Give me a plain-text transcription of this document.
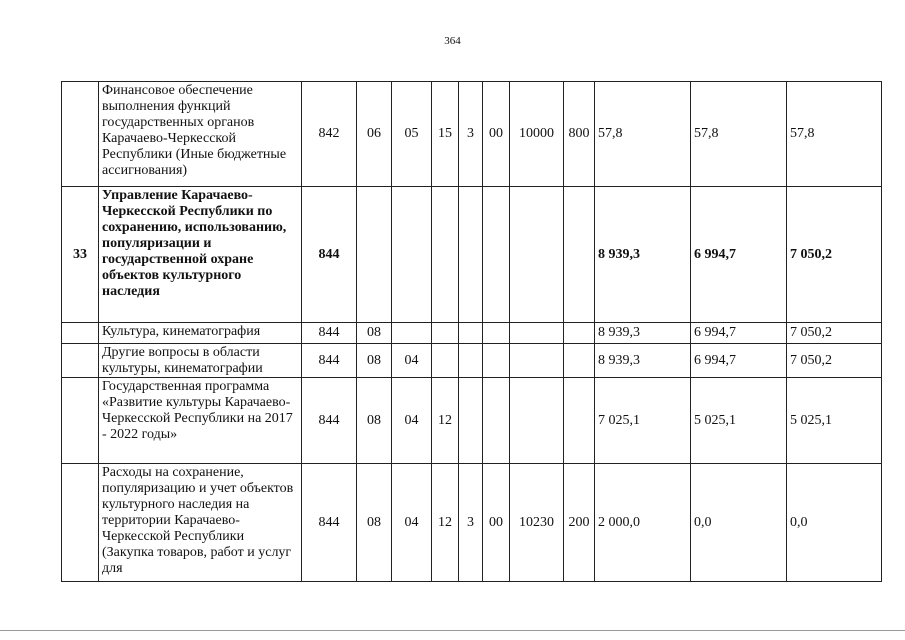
364
	Финансовое обеспечение выполнения функций государственных органов Карачаево-Черкесской Республики (Иные бюджетные ассигнования)	842	06	05	15	3	00	10000	800	57,8	57,8	57,8
33	Управление Карачаево-Черкесской Республики по сохранению, использованию, популяризации и государственной охране объектов культурного наследия	844								8 939,3	6 994,7	7 050,2
	Культура, кинематография	844	08							8 939,3	6 994,7	7 050,2
	Другие вопросы в области культуры, кинематографии	844	08	04						8 939,3	6 994,7	7 050,2
	Государственная программа «Развитие культуры Карачаево-Черкесской Республики на 2017 - 2022 годы»	844	08	04	12					7 025,1	5 025,1	5 025,1
	Расходы на сохранение, популяризацию и учет объектов культурного наследия на территории Карачаево-Черкесской Республики (Закупка товаров, работ и услуг для	844	08	04	12	3	00	10230	200	2 000,0	0,0	0,0
